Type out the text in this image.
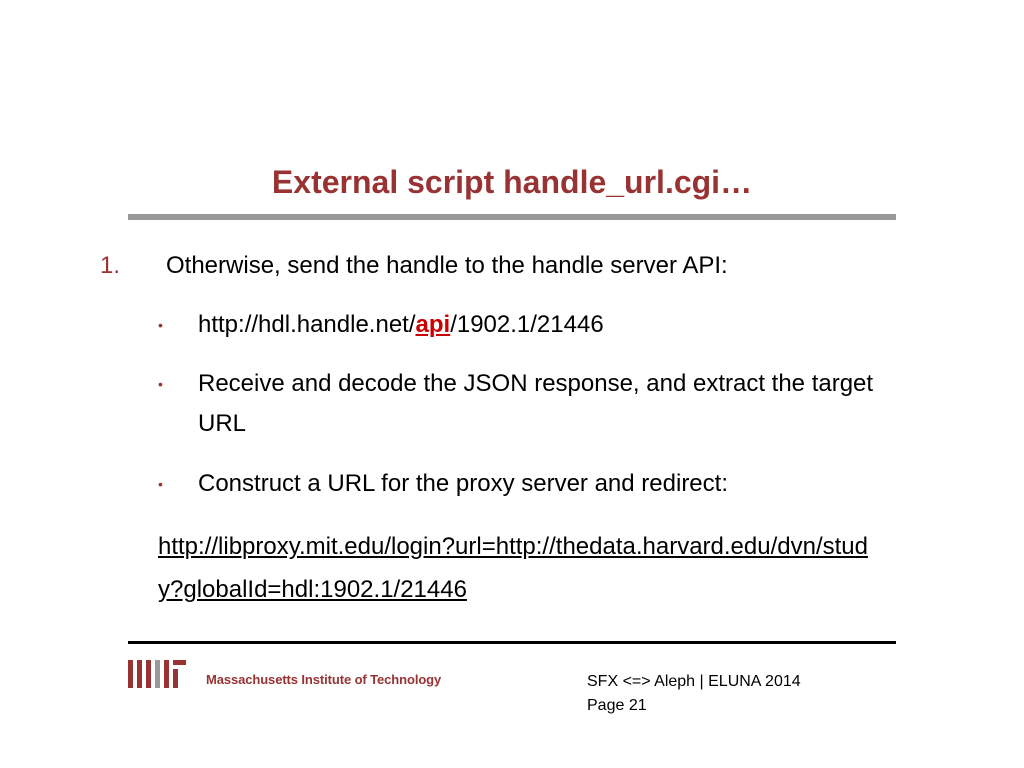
External script handle_url.cgi…
1. Otherwise, send the handle to the handle server API:
• http://hdl.handle.net/api/1902.1/21446
• Receive and decode the JSON response, and extract the target URL
• Construct a URL for the proxy server and redirect:
http://libproxy.mit.edu/login?url=http://thedata.harvard.edu/dvn/study?globalId=hdl:1902.1/21446
Massachusetts Institute of Technology	SFX <=> Aleph | ELUNA 2014
Page 21
